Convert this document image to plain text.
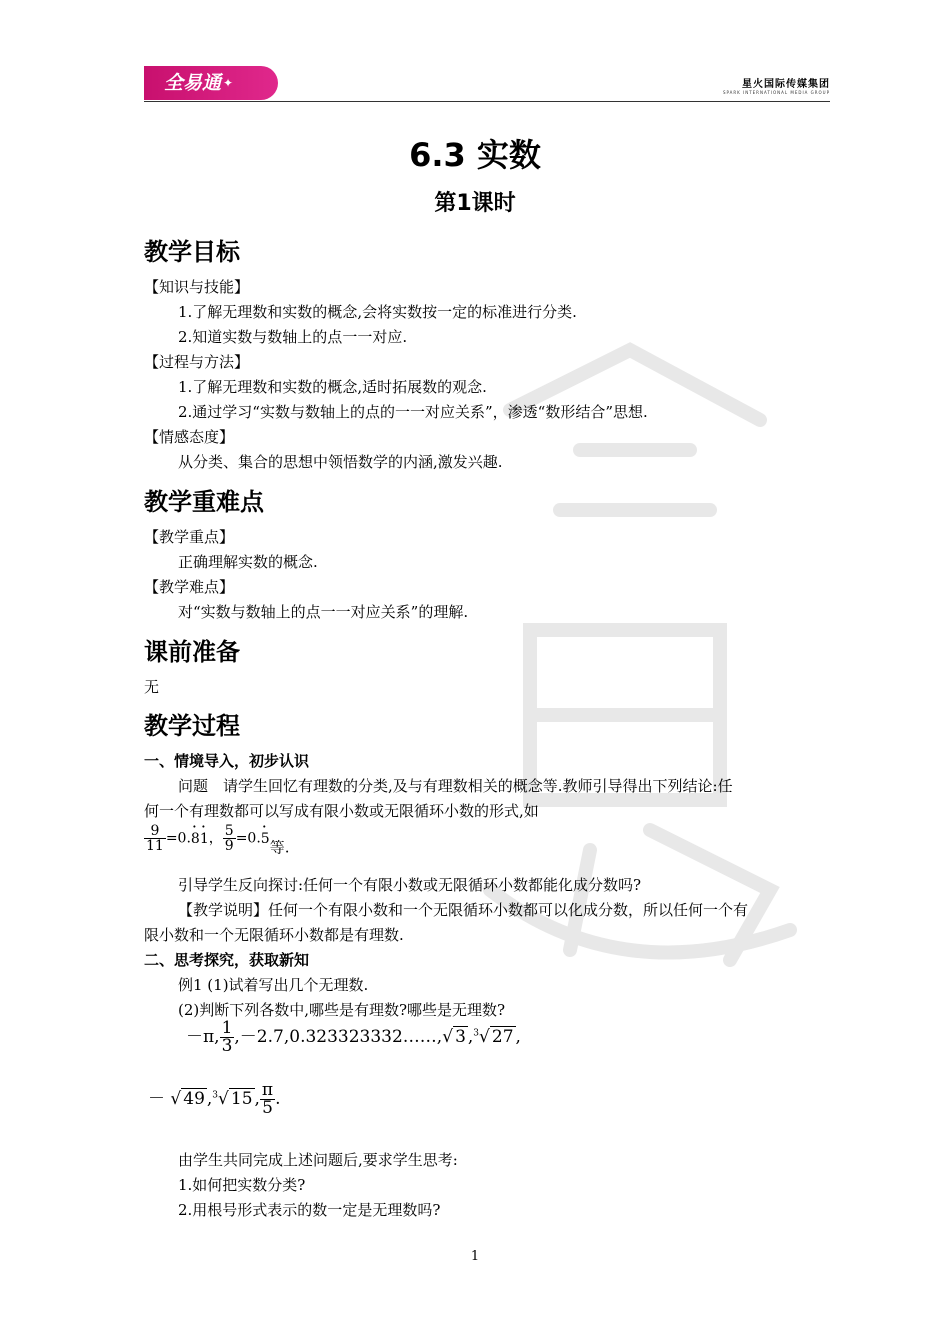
全易通 ✦	星火国际传媒集团
SPARK INTERNATIONAL MEDIA GROUP
6.3 实数
第1课时
教学目标
【知识与技能】
1.了解无理数和实数的概念,会将实数按一定的标准进行分类.
2.知道实数与数轴上的点一一对应.
【过程与方法】
1.了解无理数和实数的概念,适时拓展数的观念.
2.通过学习“实数与数轴上的点的一一对应关系”，渗透“数形结合”思想.
【情感态度】
从分类、集合的思想中领悟数学的内涵,激发兴趣.
教学重难点
【教学重点】
正确理解实数的概念.
【教学难点】
对“实数与数轴上的点一一对应关系”的理解.
课前准备
无
教学过程
一、情境导入，初步认识
问题　请学生回忆有理数的分类,及与有理数相关的概念等.教师引导得出下列结论:任
何一个有理数都可以写成有限小数或无限循环小数的形式,如
$\frac{9}{11} =0.\cdot 8\cdot 1$， $\frac{5}{9} =0.\cdot 5$等.
引导学生反向探讨:任何一个有限小数或无限循环小数都能化成分数吗?
【教学说明】任何一个有限小数和一个无限循环小数都可以化成分数，所以任何一个有
限小数和一个无限循环小数都是有理数.
二、思考探究，获取新知
例1 (1)试着写出几个无理数.
(2)判断下列各数中,哪些是有理数?哪些是无理数?
－π, $\frac{1}{3}$ ,－2.7,0.323323332……,√ 3 ,$^3$√ 27 ,
－ √ 49 ,$^3$√ 15 , $\frac{\pi}{5}$ .
由学生共同完成上述问题后,要求学生思考:
1.如何把实数分类?
2.用根号形式表示的数一定是无理数吗?
1
